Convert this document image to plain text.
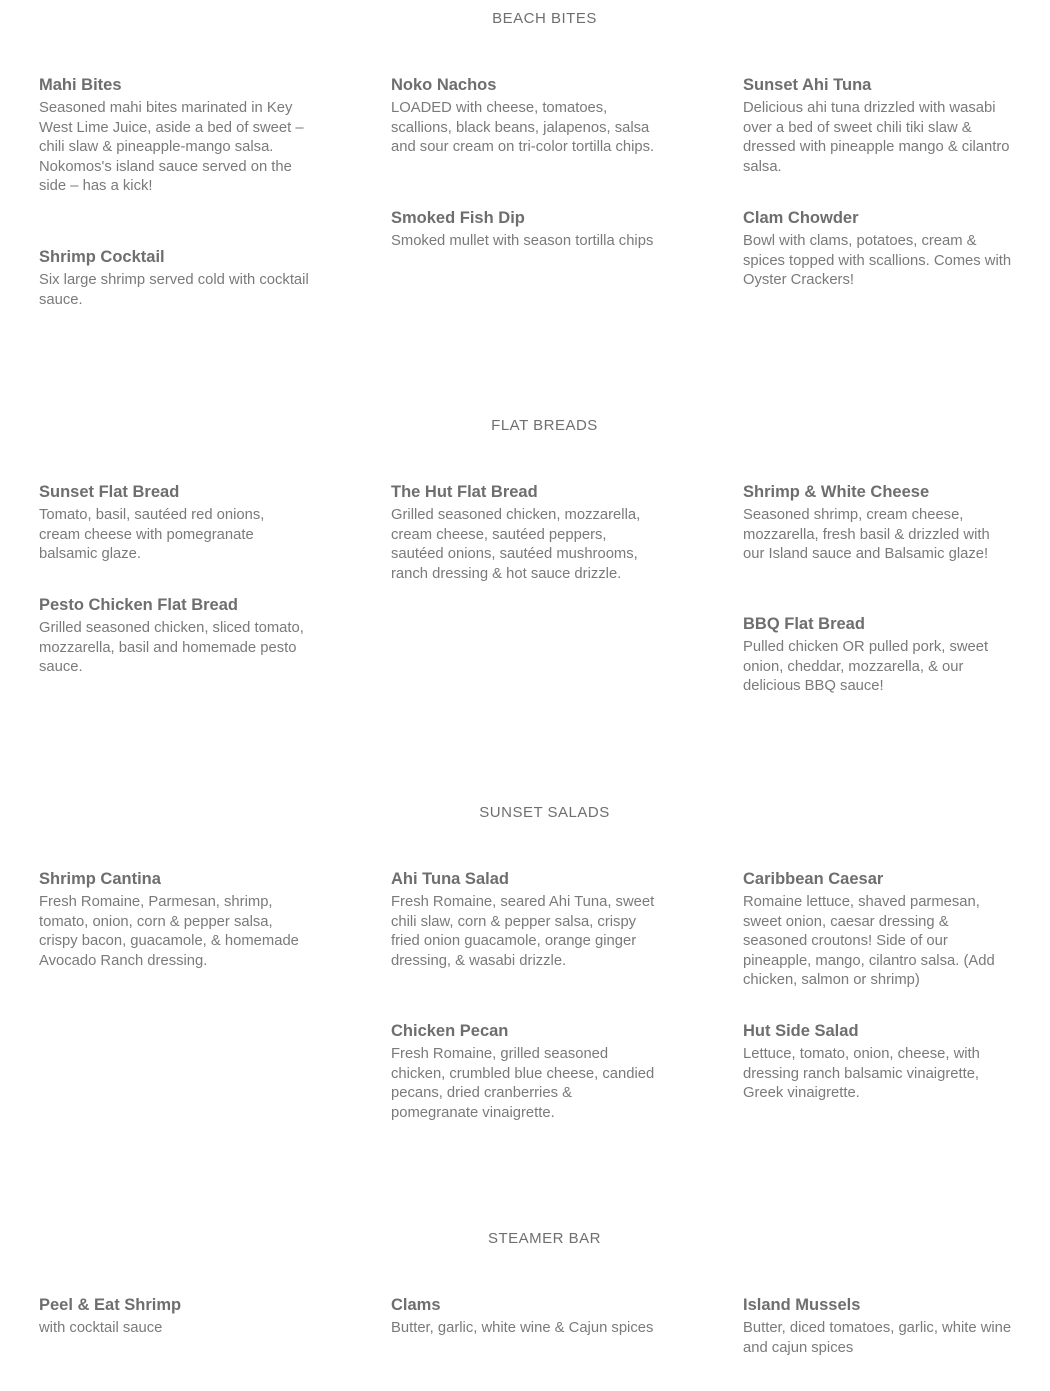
BEACH BITES
Mahi Bites

Seasoned mahi bites marinated in Key West Lime Juice, aside a bed of sweet – chili slaw & pineapple-mango salsa. Nokomos's island sauce served on the side – has a kick!

Shrimp Cocktail

Six large shrimp served cold with cocktail sauce.

Noko Nachos

LOADED with cheese, tomatoes, scallions, black beans, jalapenos, salsa and sour cream on tri-color tortilla chips.

Smoked Fish Dip

Smoked mullet with season tortilla chips

Sunset Ahi Tuna

Delicious ahi tuna drizzled with wasabi over a bed of sweet chili tiki slaw & dressed with pineapple mango & cilantro salsa.

Clam Chowder

Bowl with clams, potatoes, cream & spices topped with scallions. Comes with Oyster Crackers!

FLAT BREADS
Sunset Flat Bread

Tomato, basil, sautéed red onions, cream cheese with pomegranate balsamic glaze.

Pesto Chicken Flat Bread

Grilled seasoned chicken, sliced tomato, mozzarella, basil and homemade pesto sauce.

The Hut Flat Bread

Grilled seasoned chicken, mozzarella, cream cheese, sautéed peppers, sautéed onions, sautéed mushrooms, ranch dressing & hot sauce drizzle.

Shrimp & White Cheese

Seasoned shrimp, cream cheese, mozzarella, fresh basil & drizzled with our Island sauce and Balsamic glaze!

BBQ Flat Bread

Pulled chicken OR pulled pork, sweet onion, cheddar, mozzarella, & our delicious BBQ sauce!

SUNSET SALADS
Shrimp Cantina

Fresh Romaine, Parmesan, shrimp, tomato, onion, corn & pepper salsa, crispy bacon, guacamole, & homemade Avocado Ranch dressing.

Ahi Tuna Salad

Fresh Romaine, seared Ahi Tuna, sweet chili slaw, corn & pepper salsa, crispy fried onion guacamole, orange ginger dressing, & wasabi drizzle.

Chicken Pecan

Fresh Romaine, grilled seasoned chicken, crumbled blue cheese, candied pecans, dried cranberries & pomegranate vinaigrette.

Caribbean Caesar

Romaine lettuce, shaved parmesan, sweet onion, caesar dressing & seasoned croutons! Side of our pineapple, mango, cilantro salsa. (Add chicken, salmon or shrimp)

Hut Side Salad

Lettuce, tomato, onion, cheese, with dressing ranch balsamic vinaigrette, Greek vinaigrette.

STEAMER BAR
Peel & Eat Shrimp

with cocktail sauce

Clams

Butter, garlic, white wine & Cajun spices

Island Mussels

Butter, diced tomatoes, garlic, white wine and cajun spices
